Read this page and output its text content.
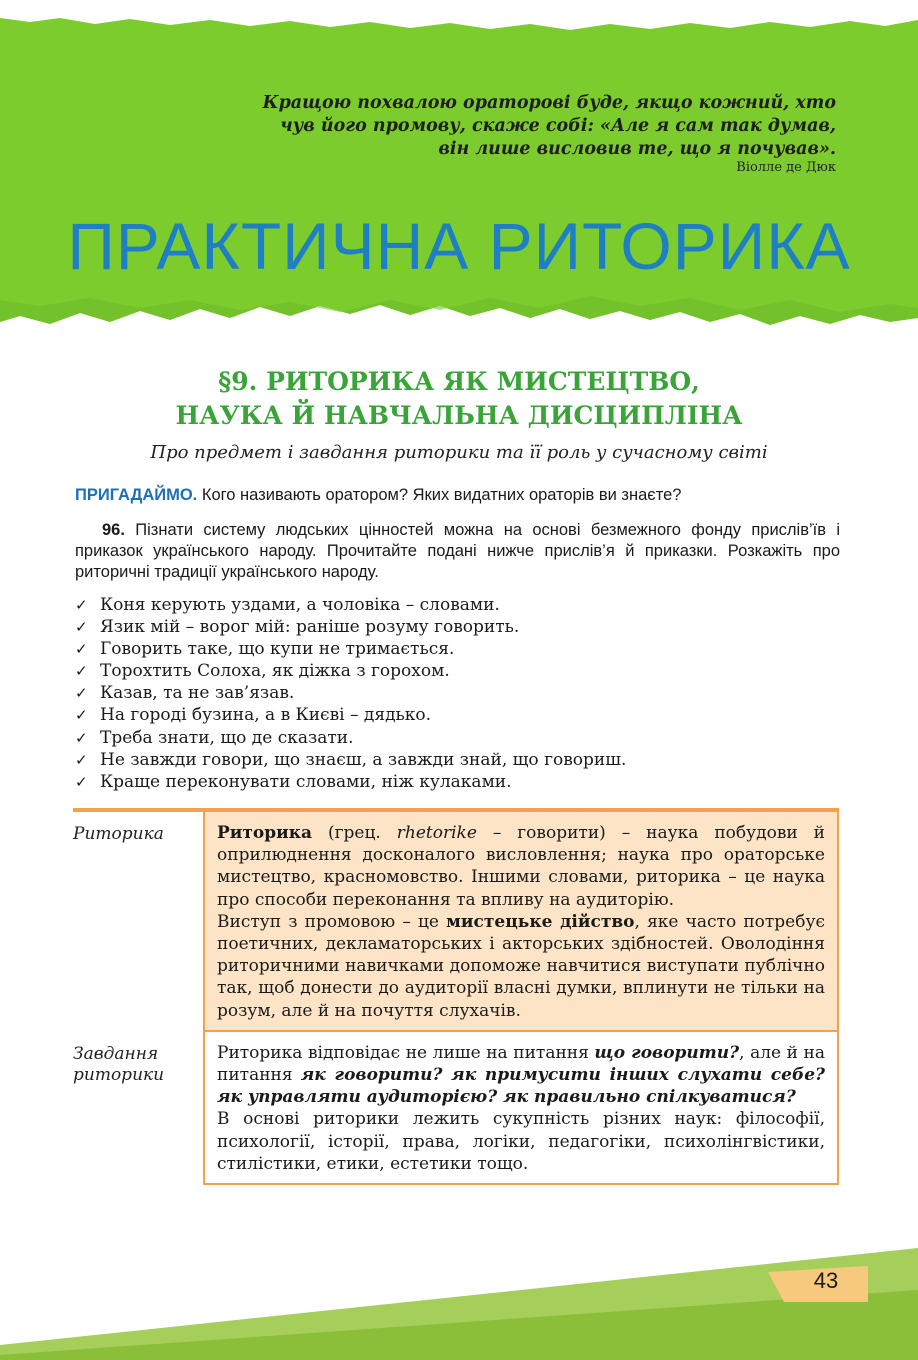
Кращою похвалою ораторові буде, якщо кожний, хто чув його промову, скаже собі: «Але я сам так думав, він лише висловив те, що я почував».
Віолле де Дюк
ПРАКТИЧНА РИТОРИКА
§9. РИТОРИКА ЯК МИСТЕЦТВО,
НАУКА Й НАВЧАЛЬНА ДИСЦИПЛІНА
Про предмет і завдання риторики та її роль у сучасному світі
ПРИГАДАЙМО. Кого називають оратором? Яких видатних ораторів ви знаєте?
96. Пізнати систему людських цінностей можна на основі безмежного фонду прислів’їв і приказок українського народу. Прочитайте подані нижче прислів’я й приказки. Розкажіть про риторичні традиції українського народу.
✓ Коня керують уздами, а чоловіка – словами.
✓ Язик мій – ворог мій: раніше розуму говорить.
✓ Говорить таке, що купи не тримається.
✓ Торохтить Солоха, як діжка з горохом.
✓ Казав, та не зав’язав.
✓ На городі бузина, а в Києві – дядько.
✓ Треба знати, що де сказати.
✓ Не завжди говори, що знаєш, а завжди знай, що говориш.
✓ Краще переконувати словами, ніж кулаками.
Риторика	Риторика (грец. rhetorike – говорити) – наука побудови й оприлюднення досконалого висловлення; наука про ораторське мистецтво, красномовство. Іншими словами, риторика – це наука про способи переконання та впливу на аудиторію.

Виступ з промовою – це мистецьке дійство, яке часто потребує поетичних, декламаторських і акторських здібностей. Оволодіння риторичними навичками допоможе навчитися виступати публічно так, щоб донести до аудиторії власні думки, вплинути не тільки на розум, але й на почуття слухачів.

Завдання
риторики

Риторика відповідає не лише на питання що говорити?, але й на питання як говорити? як примусити інших слухати себе? як управляти аудиторією? як правильно спілкуватися?

В основі риторики лежить сукупність різних наук: філософії, психології, історії, права, логіки, педагогіки, психолінгвістики, стилістики, етики, естетики тощо.

43
